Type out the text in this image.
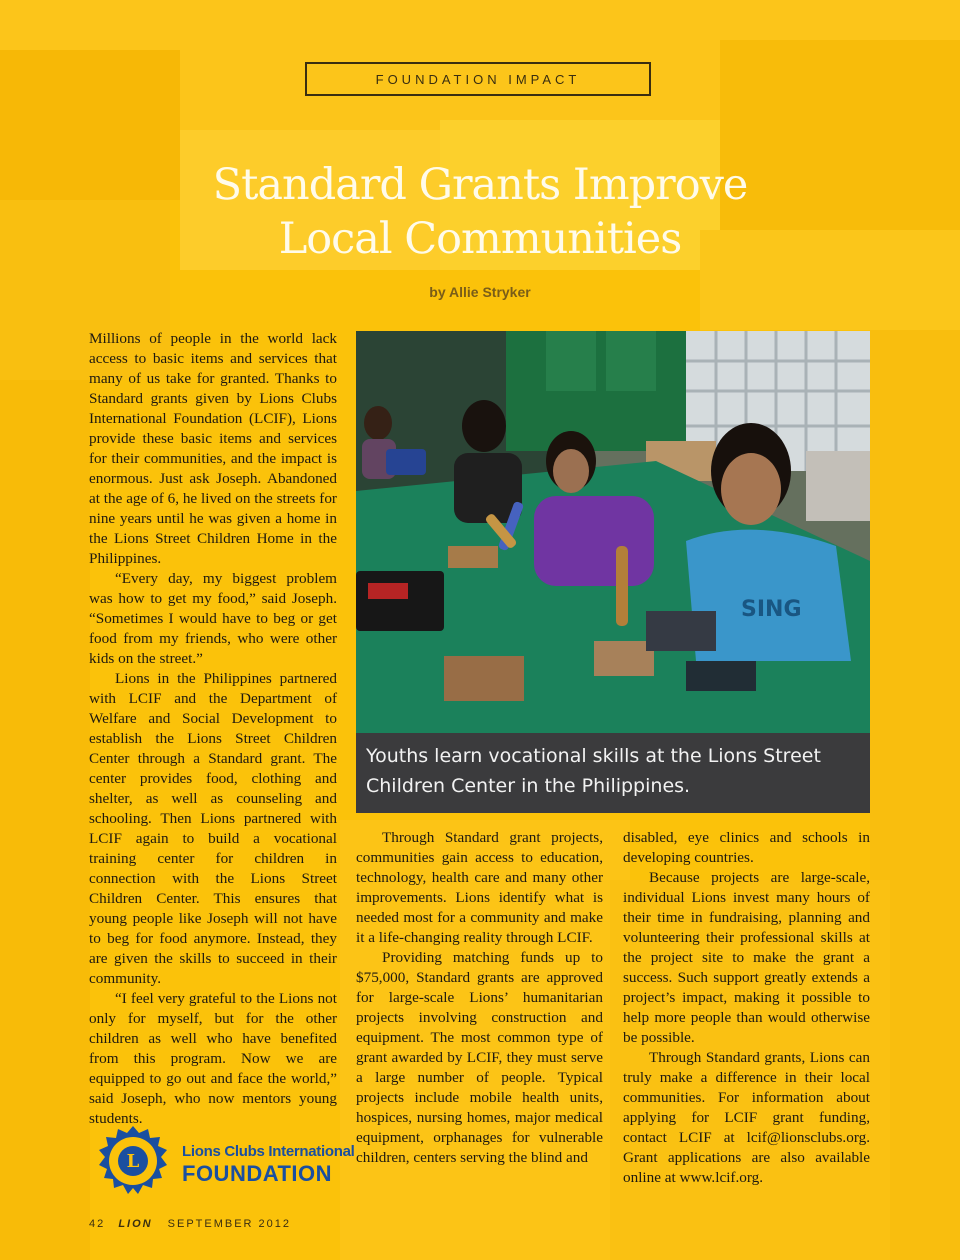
FOUNDATION IMPACT
Standard Grants Improve
Local Communities
by Allie Stryker

Millions of people in the world lack access to basic items and services that many of us take for granted. Thanks to Standard grants given by Lions Clubs International Foundation (LCIF), Lions provide these basic items and services for their communities, and the impact is enormous. Just ask Joseph. Abandoned at the age of 6, he lived on the streets for nine years until he was given a home in the Lions Street Children Home in the Philippines.

“Every day, my biggest problem was how to get my food,” said Joseph. “Sometimes I would have to beg or get food from my friends, who were other kids on the street.”

Lions in the Philippines partnered with LCIF and the Department of Welfare and Social Development to establish the Lions Street Children Center through a Standard grant. The center provides food, clothing and shelter, as well as counseling and schooling. Then Lions partnered with LCIF again to build a vocational training center for children in connection with the Lions Street Children Center. This ensures that young people like Joseph will not have to beg for food anymore. Instead, they are given the skills to succeed in their community.

“I feel very grateful to the Lions not only for myself, but for the other children as well who have benefited from this program. Now we are equipped to go out and face the world,” said Joseph, who now mentors young students.

SING
Youths learn vocational skills at the Lions Street Children Center in the Philippines.

Through Standard grant projects, communities gain access to education, technology, health care and many other improvements. Lions identify what is needed most for a community and make it a life-changing reality through LCIF.

Providing matching funds up to $75,000, Standard grants are approved for large-scale Lions’ humanitarian projects involving construction and equipment. The most common type of grant awarded by LCIF, they must serve a large number of people. Typical projects include mobile health units, hospices, nursing homes, major medical equipment, orphanages for vulnerable children, centers serving the blind and

disabled, eye clinics and schools in developing countries.

Because projects are large-scale, individual Lions invest many hours of their time in fundraising, planning and volunteering their professional skills at the project site to make the grant a success. Such support greatly extends a project’s impact, making it possible to help more people than would otherwise be possible.

Through Standard grants, Lions can truly make a difference in their local communities. For information about applying for LCIF grant funding, contact LCIF at lcif@lionsclubs.org. Grant applications are also available online at www.lcif.org.

L	Lions Clubs International
FOUNDATION
42 LION SEPTEMBER 2012
